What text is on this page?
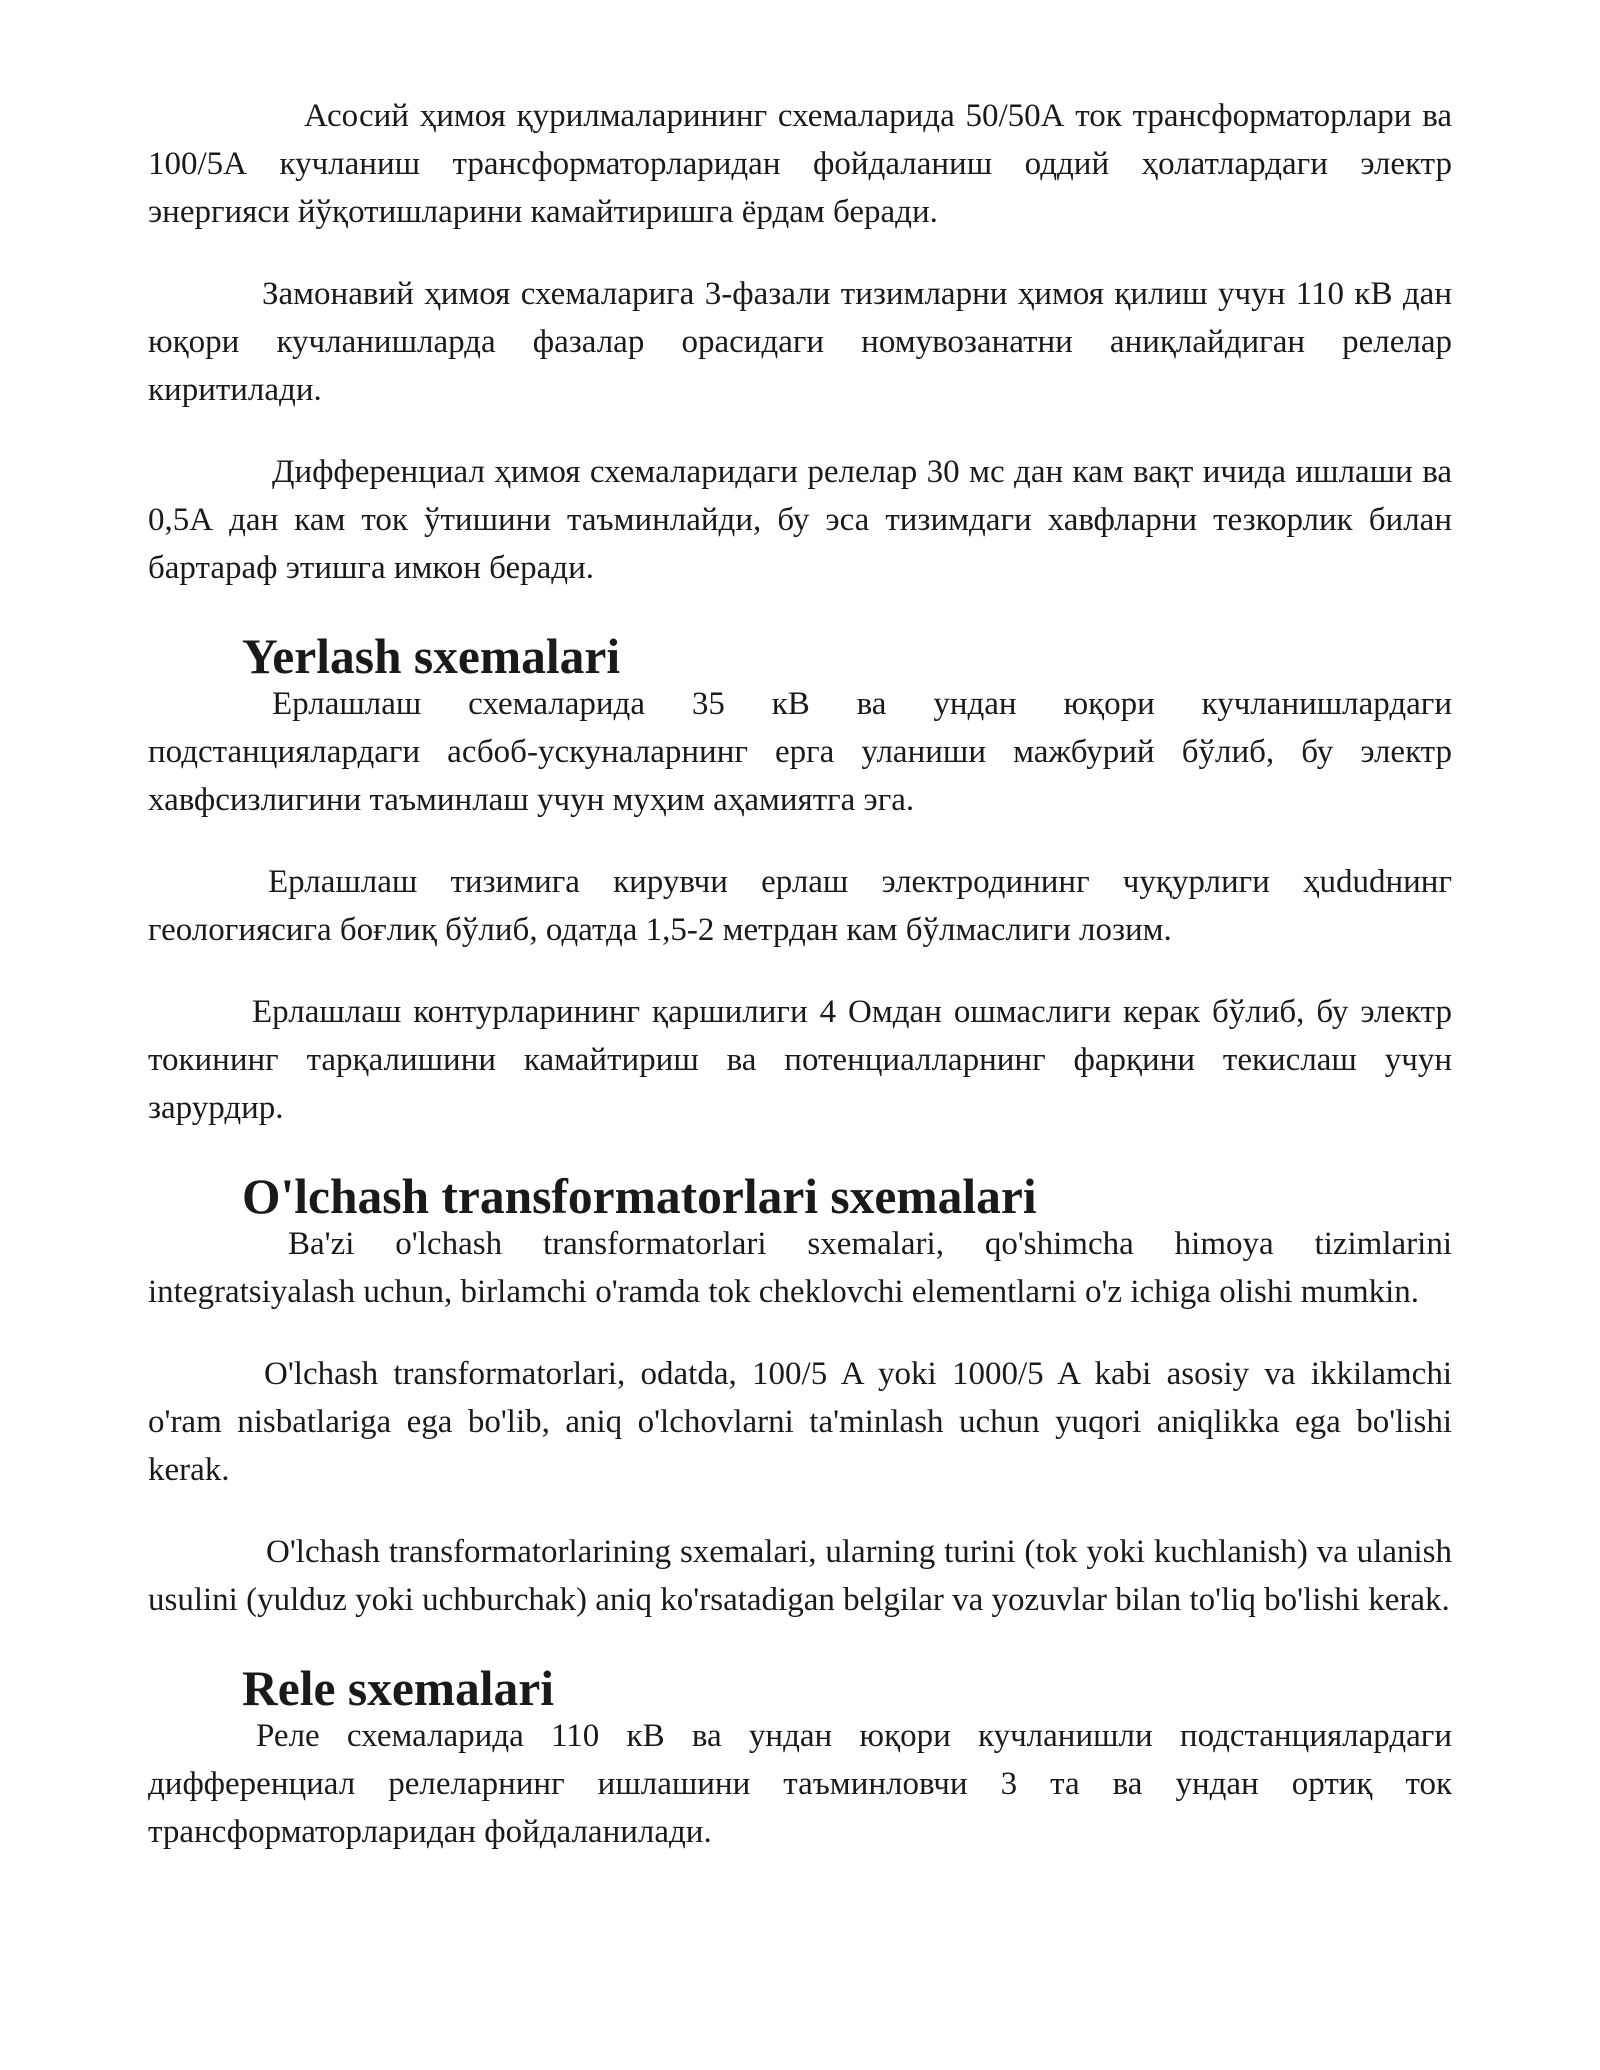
Асосий ҳимоя қурилмаларининг схемаларида 50/50А ток трансформаторлари ва 100/5А кучланиш трансформаторларидан фойдаланиш оддий ҳолатлардаги электр энергияси йўқотишларини камайтиришга ёрдам беради.

Замонавий ҳимоя схемаларига 3-фазали тизимларни ҳимоя қилиш учун 110 кВ дан юқори кучланишларда фазалар орасидаги номувозанатни аниқлайдиган релелар киритилади.

Дифференциал ҳимоя схемаларидаги релелар 30 мс дан кам вақт ичида ишлаши ва 0,5А дан кам ток ўтишини таъминлайди, бу эса тизимдаги хавфларни тезкорлик билан бартараф этишга имкон беради.

Yerlash sxemalari

Ерлашлаш схемаларида 35 кВ ва ундан юқори кучланишлардаги подстанциялардаги асбоб-ускуналарнинг ерга уланиши мажбурий бўлиб, бу электр хавфсизлигини таъминлаш учун муҳим аҳамиятга эга.

Ерлашлаш тизимига кирувчи ерлаш электродининг чуқурлиги ҳududнинг геологиясига боғлиқ бўлиб, одатда 1,5-2 метрдан кам бўлмаслиги лозим.

Ерлашлаш контурларининг қаршилиги 4 Омдан ошмаслиги керак бўлиб, бу электр токининг тарқалишини камайтириш ва потенциалларнинг фарқини текислаш учун зарурдир.

O'lchash transformatorlari sxemalari

Ba'zi o'lchash transformatorlari sxemalari, qo'shimcha himoya tizimlarini integratsiyalash uchun, birlamchi o'ramda tok cheklovchi elementlarni o'z ichiga olishi mumkin.

O'lchash transformatorlari, odatda, 100/5 A yoki 1000/5 A kabi asosiy va ikkilamchi o'ram nisbatlariga ega bo'lib, aniq o'lchovlarni ta'minlash uchun yuqori aniqlikka ega bo'lishi kerak.

O'lchash transformatorlarining sxemalari, ularning turini (tok yoki kuchlanish) va ulanish usulini (yulduz yoki uchburchak) aniq ko'rsatadigan belgilar va yozuvlar bilan to'liq bo'lishi kerak.

Rele sxemalari

Реле схемаларида 110 кВ ва ундан юқори кучланишли подстанциялардаги дифференциал релеларнинг ишлашини таъминловчи 3 та ва ундан ортиқ ток трансформаторларидан фойдаланилади.
